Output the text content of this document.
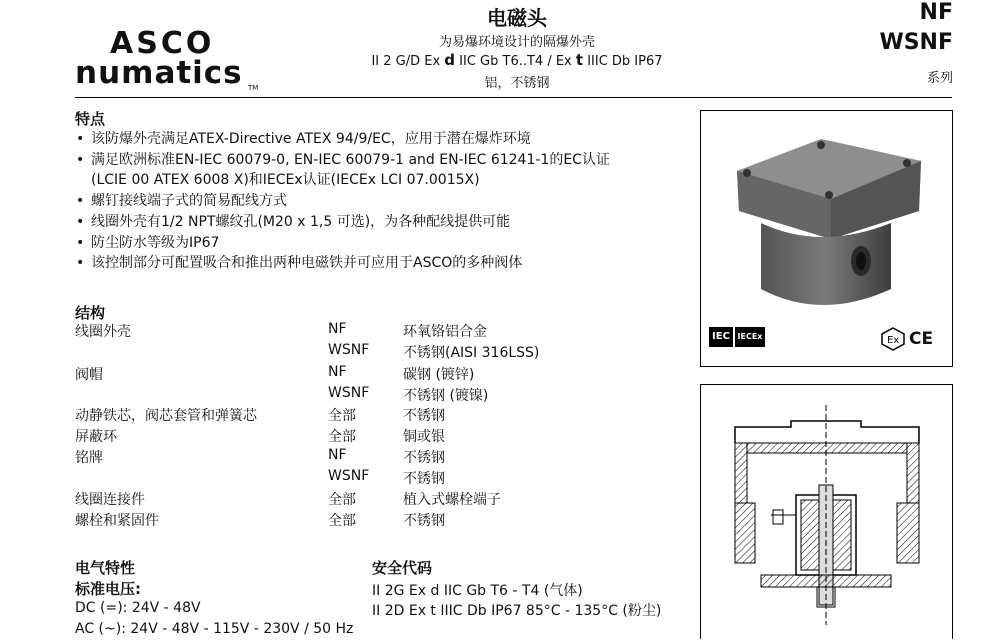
ASCO
numatics TM
电磁头
为易爆环境设计的隔爆外壳
II 2 G/D Ex d IIC Gb T6..T4 / Ex t IIIC Db IP67
铝，不锈钢
NF
WSNF
系列
特点
• 该防爆外壳满足ATEX-Directive ATEX 94/9/EC，应用于潜在爆炸环境
• 满足欧洲标准EN-IEC 60079-0, EN-IEC 60079-1 and EN-IEC 61241-1的EC认证
(LCIE 00 ATEX 6008 X)和IECEx认证(IECEx LCI 07.0015X)
• 螺钉接线端子式的简易配线方式
• 线圈外壳有1/2 NPT螺纹孔(M20 x 1,5 可选)，为各种配线提供可能
• 防尘防水等级为IP67
• 该控制部分可配置吸合和推出两种电磁铁并可应用于ASCO的多种阀体
结构
线圈外壳	NF	环氧铬铝合金
WSNF 不锈钢(AISI 316LSS)
阀帽	NF	碳钢 (镀锌)
WSNF 不锈钢 (镀镍)
动静铁芯，阀芯套管和弹簧芯	全部	不锈钢
屏蔽环	全部	铜或银
铭牌	NF	不锈钢
WSNF 不锈钢
线圈连接件	全部	植入式螺栓端子
螺栓和紧固件	全部	不锈钢
电气特性
标准电压:
DC (=): 24V - 48V
AC (~): 24V - 48V - 115V - 230V / 50 Hz
安全代码
II 2G Ex d IIC Gb T6 - T4 (气体)
II 2D Ex t IIIC Db IP67 85°C - 135°C (粉尘)
IEC IECEx	Ex CE
